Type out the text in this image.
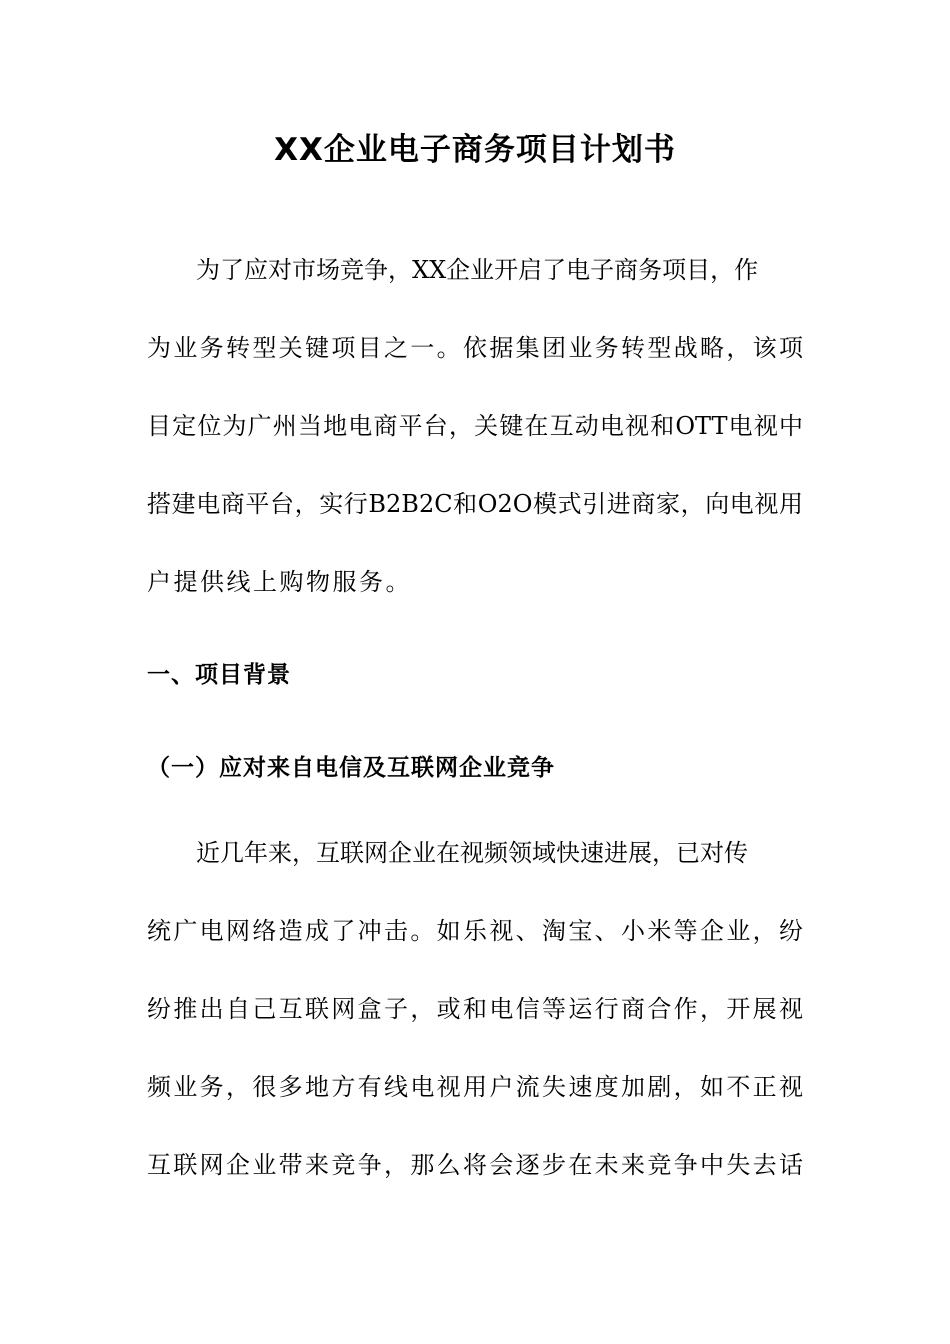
XX企业电子商务项目计划书
为了应对市场竞争，XX企业开启了电子商务项目，作
为业务转型关键项目之一。依据集团业务转型战略，该项
目定位为广州当地电商平台，关键在互动电视和OTT电视中
搭建电商平台，实行B2B2C和O2O模式引进商家，向电视用
户提供线上购物服务。
一、项目背景
（一）应对来自电信及互联网企业竞争
近几年来，互联网企业在视频领域快速进展，已对传
统广电网络造成了冲击。如乐视、淘宝、小米等企业，纷
纷推出自己互联网盒子，或和电信等运行商合作，开展视
频业务，很多地方有线电视用户流失速度加剧，如不正视
互联网企业带来竞争，那么将会逐步在未来竞争中失去话
